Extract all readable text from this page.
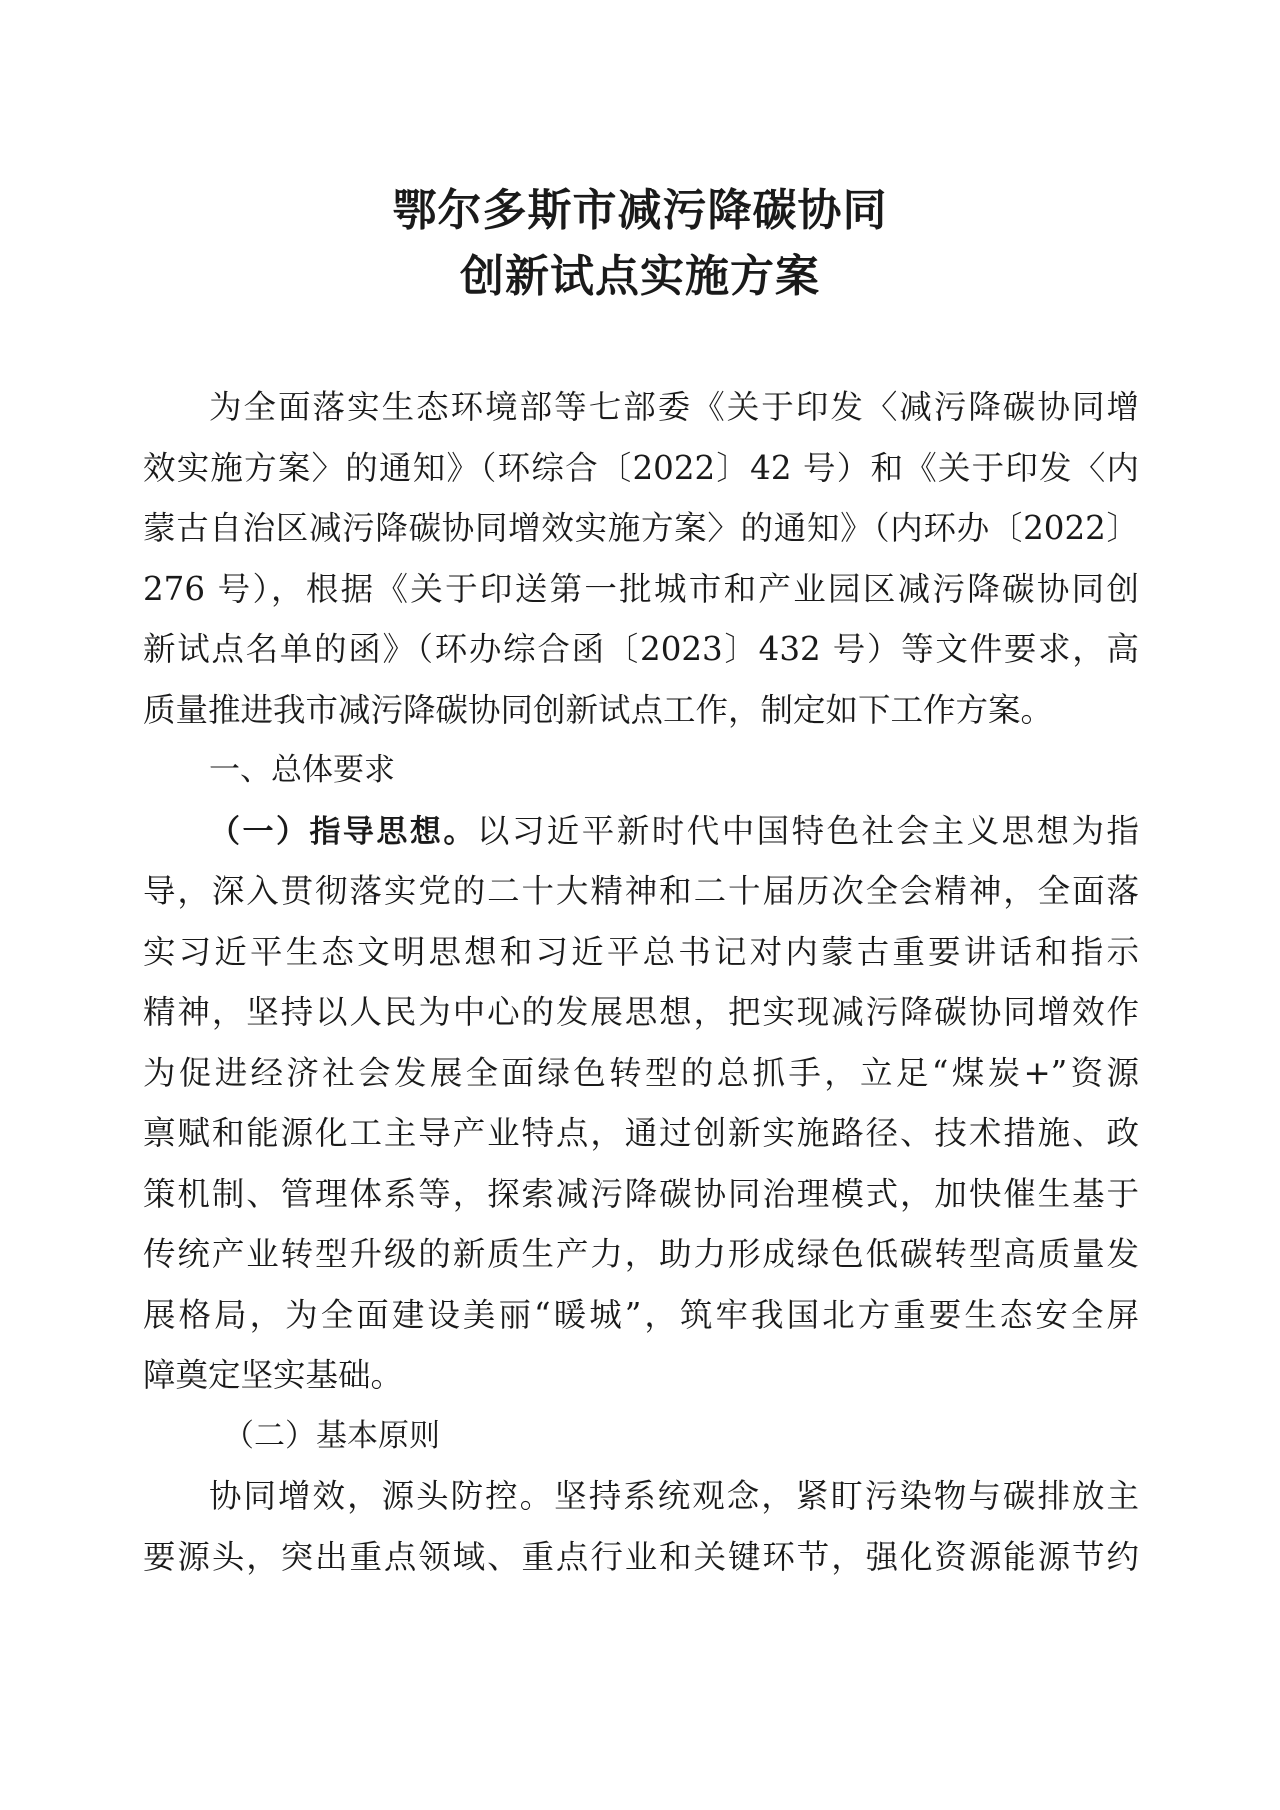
鄂尔多斯市减污降碳协同
创新试点实施方案
为全面落实生态环境部等七部委《关于印发〈减污降碳协同增
效实施方案〉的通知》（环综合〔2022〕42 号）和《关于印发〈内
蒙古自治区减污降碳协同增效实施方案〉的通知》（内环办〔2022〕
276 号），根据《关于印送第一批城市和产业园区减污降碳协同创
新试点名单的函》（环办综合函〔2023〕432 号）等文件要求，高
质量推进我市减污降碳协同创新试点工作，制定如下工作方案。
一、总体要求
（一）指导思想。以习近平新时代中国特色社会主义思想为指
导，深入贯彻落实党的二十大精神和二十届历次全会精神，全面落
实习近平生态文明思想和习近平总书记对内蒙古重要讲话和指示
精神，坚持以人民为中心的发展思想，把实现减污降碳协同增效作
为促进经济社会发展全面绿色转型的总抓手，立足“煤炭+”资源
禀赋和能源化工主导产业特点，通过创新实施路径、技术措施、政
策机制、管理体系等，探索减污降碳协同治理模式，加快催生基于
传统产业转型升级的新质生产力，助力形成绿色低碳转型高质量发
展格局，为全面建设美丽“暖城”，筑牢我国北方重要生态安全屏
障奠定坚实基础。
（二）基本原则
协同增效，源头防控。坚持系统观念，紧盯污染物与碳排放主
要源头，突出重点领域、重点行业和关键环节，强化资源能源节约
